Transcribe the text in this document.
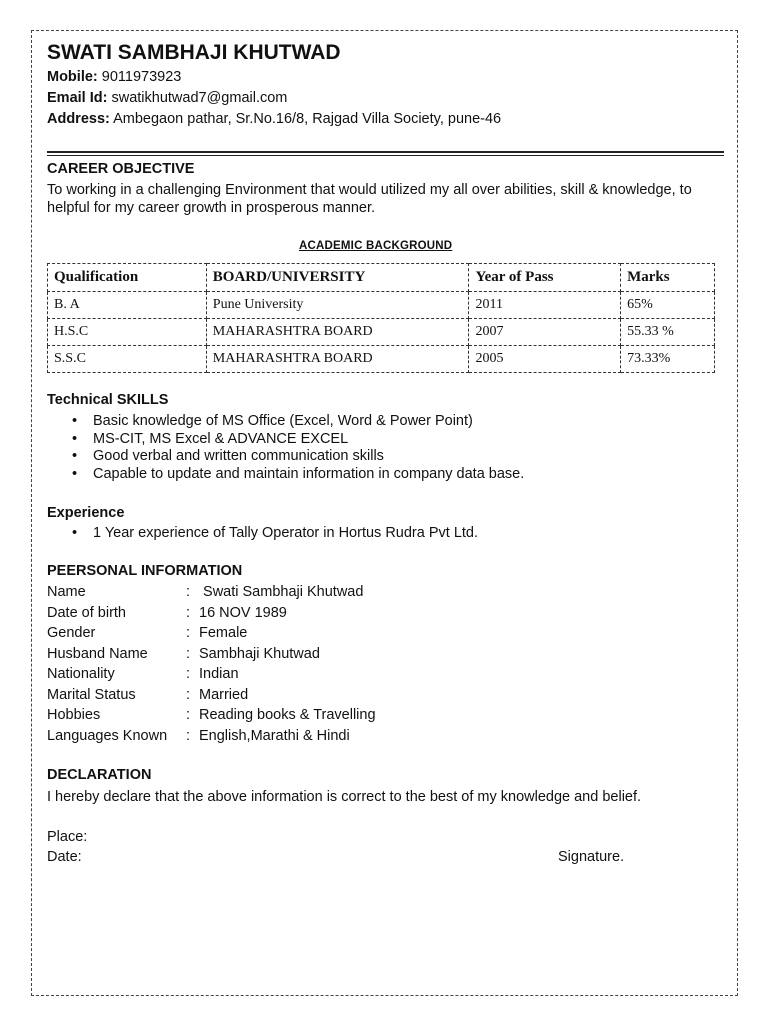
SWATI SAMBHAJI KHUTWAD
Mobile: 9011973923
Email Id: swatikhutwad7@gmail.com
Address: Ambegaon pathar, Sr.No.16/8, Rajgad Villa Society, pune-46
CAREER OBJECTIVE
To working in a challenging Environment that would utilized my all over abilities, skill & knowledge, to helpful for my career growth in prosperous manner.
ACADEMIC BACKGROUND
Qualification	BOARD/UNIVERSITY	Year of Pass	Marks
B. A	Pune University	2011	65%
H.S.C	MAHARASHTRA BOARD	2007	55.33 %
S.S.C	MAHARASHTRA BOARD	2005	73.33%
Technical SKILLS
• Basic knowledge of MS Office (Excel, Word & Power Point)
• MS-CIT, MS Excel & ADVANCE EXCEL
• Good verbal and written communication skills
• Capable to update and maintain information in company data base.
Experience
• 1 Year experience of Tally Operator in Hortus Rudra Pvt Ltd.
PEERSONAL INFORMATION
Name	: Swati Sambhaji Khutwad
Date of birth	: 16 NOV 1989
Gender	: Female
Husband Name	: Sambhaji Khutwad
Nationality	: Indian
Marital Status	: Married
Hobbies	: Reading books & Travelling
Languages Known : English,Marathi & Hindi
DECLARATION
I hereby declare that the above information is correct to the best of my knowledge and belief.
Place:
Date:	Signature.
